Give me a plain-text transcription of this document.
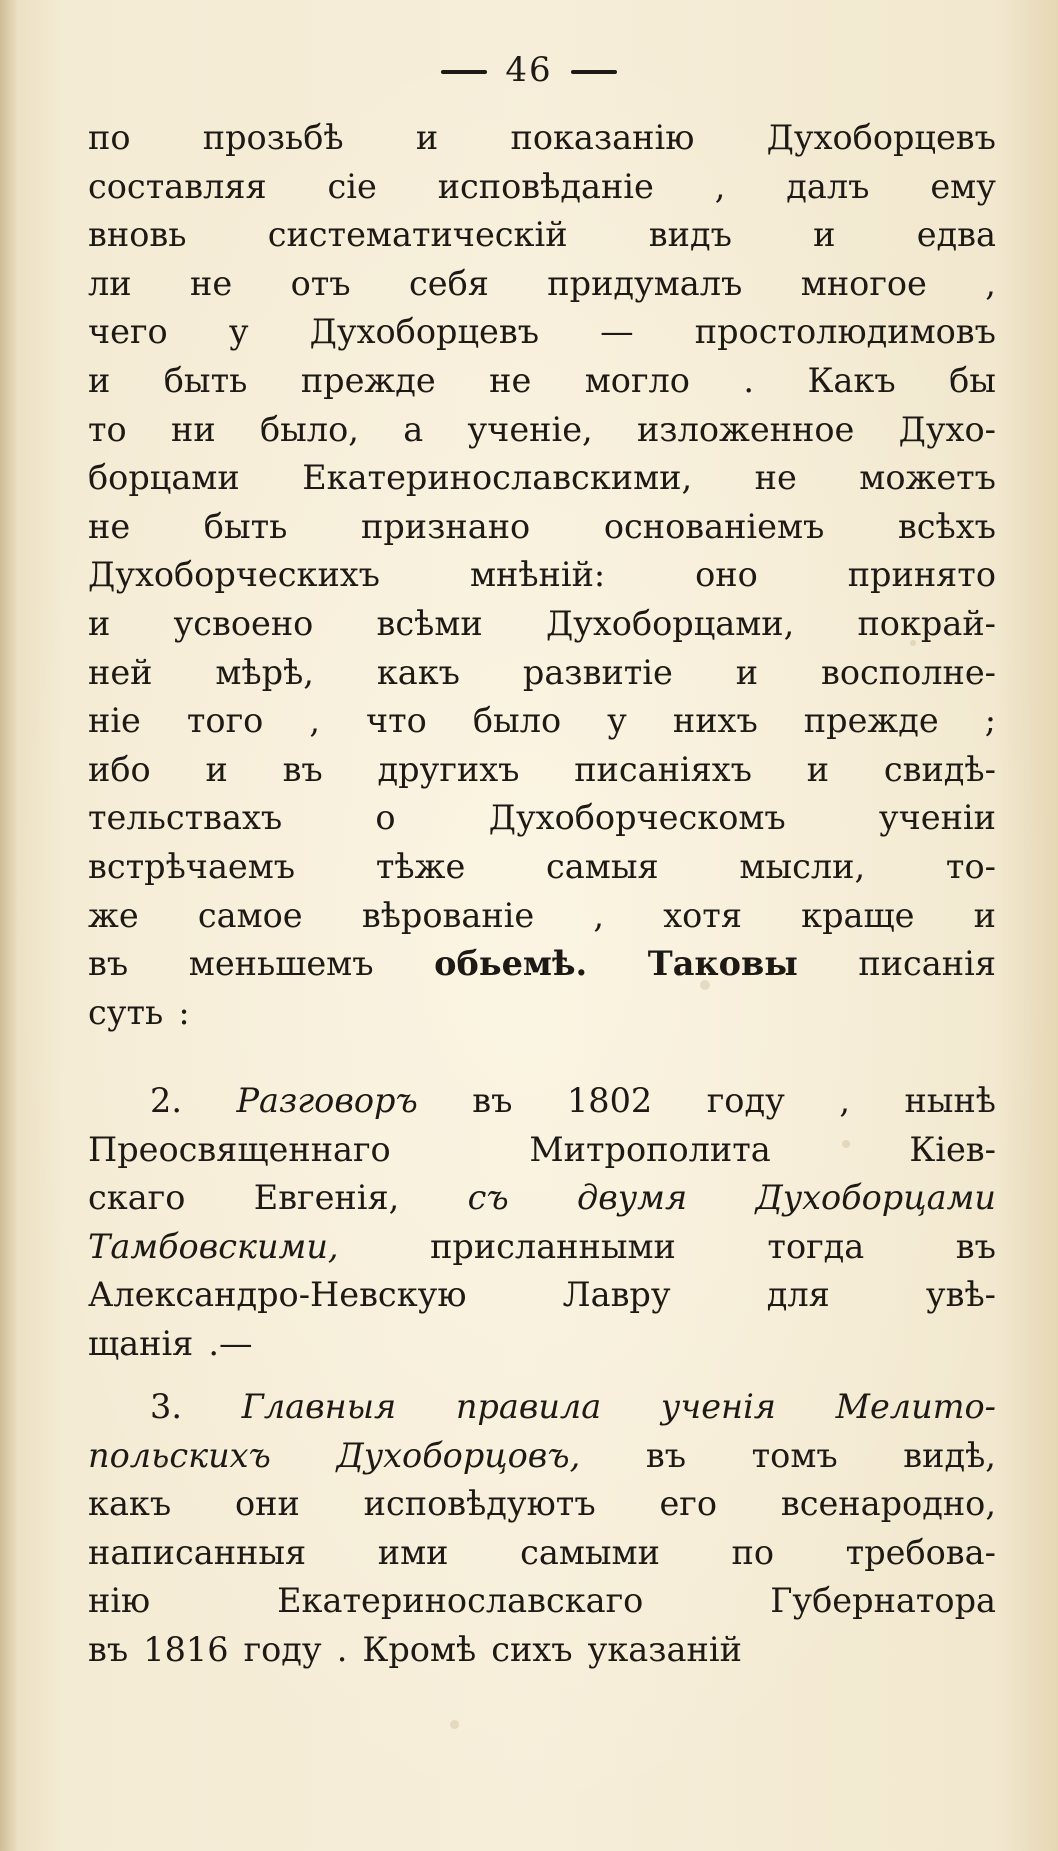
46
по прозьбѣ и показанію Духоборцевъ
составляя сіе исповѣданіе , далъ ему
вновь систематическій видъ и едва
ли не отъ себя придумалъ многое ,
чего у Духоборцевъ — простолюдимовъ
и быть прежде не могло . Какъ бы
то ни было, а ученіе, изложенное Духо-
борцами Екатеринославскими, не можетъ
не быть признано основаніемъ всѣхъ
Духоборческихъ	мнѣній:	оно	принято
и усвоено всѣми Духоборцами, покрай-
ней мѣрѣ, какъ развитіе и восполне-
ніе того , что было у нихъ прежде ;
ибо и въ другихъ писаніяхъ и свидѣ-
тельствахъ	о	Духоборческомъ	ученіи
встрѣчаемъ тѣже самыя мысли, то-
же самое вѣрованіе , хотя краще и
въ меньшемъ обьемѣ. Таковы писанія
суть :
2. Разговоръ въ 1802 году , нынѣ
Преосвященнаго	Митрополита	Кіев-
скаго Евгенія, съ двумя Духоборцами
Тамбовскими,	присланными	тогда	въ
Александро-Невскую	Лавру	для	увѣ-
щанія .—
3. Главныя правила ученія Мелито-
польскихъ Духоборцовъ, въ томъ видѣ,
какъ они исповѣдуютъ его всенародно,
написанныя ими самыми по требова-
нію	Екатеринославскаго	Губернатора
въ 1816 году . Кромѣ сихъ указаній
